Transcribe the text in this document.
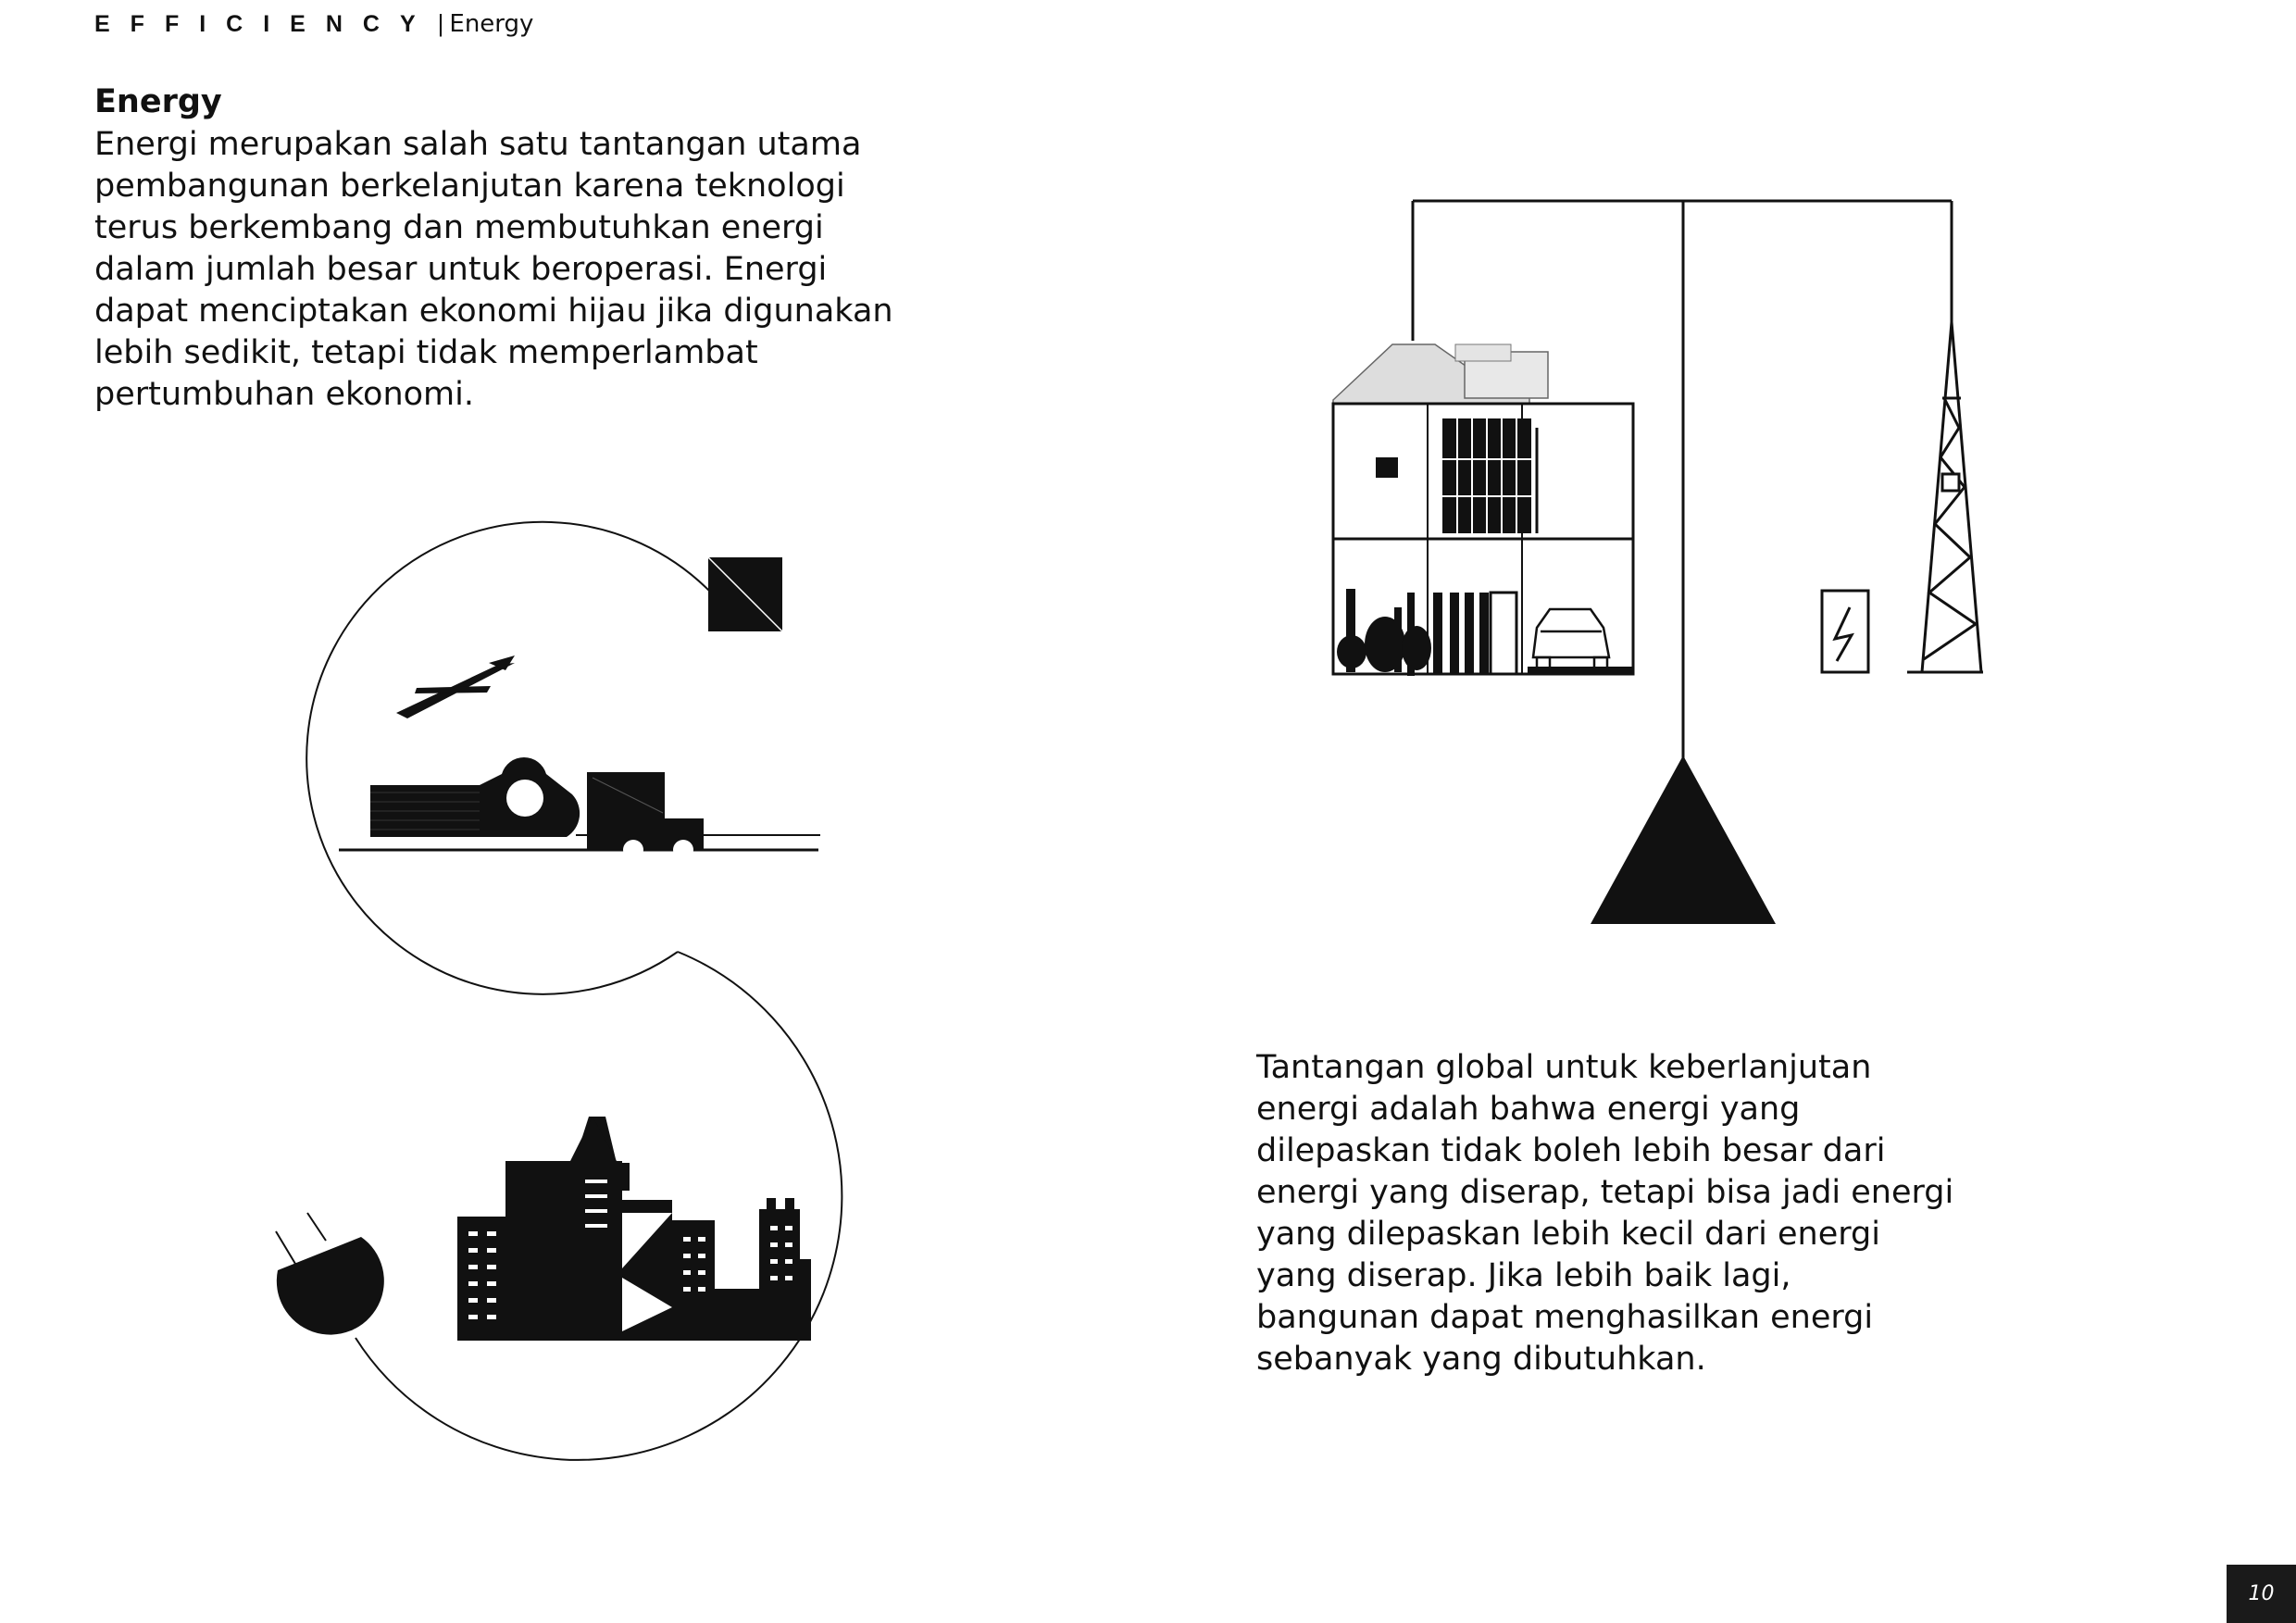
EFFICIENCY | Energy
Energy

Energi merupakan salah satu tantangan utama pembangunan berkelanjutan karena teknologi terus berkembang dan membutuhkan energi dalam jumlah besar untuk beroperasi. Energi dapat menciptakan ekonomi hijau jika digunakan lebih sedikit, tetapi tidak memperlambat pertumbuhan ekonomi.

Tantangan global untuk keberlanjutan energi adalah bahwa energi yang dilepaskan tidak boleh lebih besar dari energi yang diserap, tetapi bisa jadi energi yang dilepaskan lebih kecil dari energi yang diserap. Jika lebih baik lagi, bangunan dapat menghasilkan energi sebanyak yang dibutuhkan.

10
